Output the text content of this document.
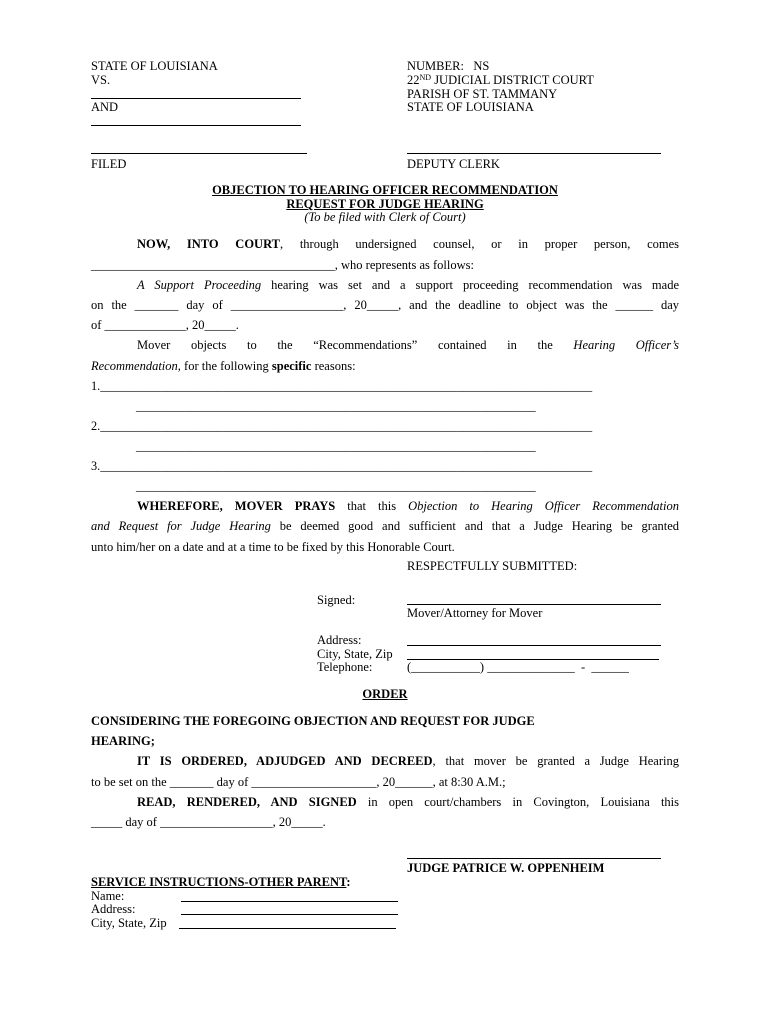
STATE OF LOUISIANA
VS.
AND
NUMBER: NS
22ND JUDICIAL DISTRICT COURT
PARISH OF ST. TAMMANY
STATE OF LOUISIANA
FILED	DEPUTY CLERK
OBJECTION TO HEARING OFFICER RECOMMENDATION
REQUEST FOR JUDGE HEARING
(To be filed with Clerk of Court)
NOW, INTO COURT, through undersigned counsel, or in proper person, comes
_______________________________________, who represents as follows:
A Support Proceeding hearing was set and a support proceeding recommendation was made
on the _______ day of __________________, 20_____, and the deadline to object was the ______ day
of _____________, 20_____.
Mover objects to the “Recommendations” contained in the Hearing Officer’s
Recommendation, for the following specific reasons:
1.________________________________________________________________________________
_________________________________________________________________
2.________________________________________________________________________________
_________________________________________________________________
3.________________________________________________________________________________
_________________________________________________________________
WHEREFORE, MOVER PRAYS that this Objection to Hearing Officer Recommendation
and Request for Judge Hearing be deemed good and sufficient and that a Judge Hearing be granted
unto him/her on a date and at a time to be fixed by this Honorable Court.
RESPECTFULLY SUBMITTED:
Signed:
Mover/Attorney for Mover
Address:
City, State, Zip
Telephone:	(___________) ______________  -  ______
ORDER
CONSIDERING THE FOREGOING OBJECTION AND REQUEST FOR JUDGE
HEARING;
IT IS ORDERED, ADJUDGED AND DECREED, that mover be granted a Judge Hearing
to be set on the _______ day of ____________________, 20______, at 8:30 A.M.;
READ, RENDERED, AND SIGNED in open court/chambers in Covington, Louisiana this
_____ day of __________________, 20_____.
JUDGE PATRICE W. OPPENHEIM
SERVICE INSTRUCTIONS-OTHER PARENT:
Name:
Address:
City, State, Zip
